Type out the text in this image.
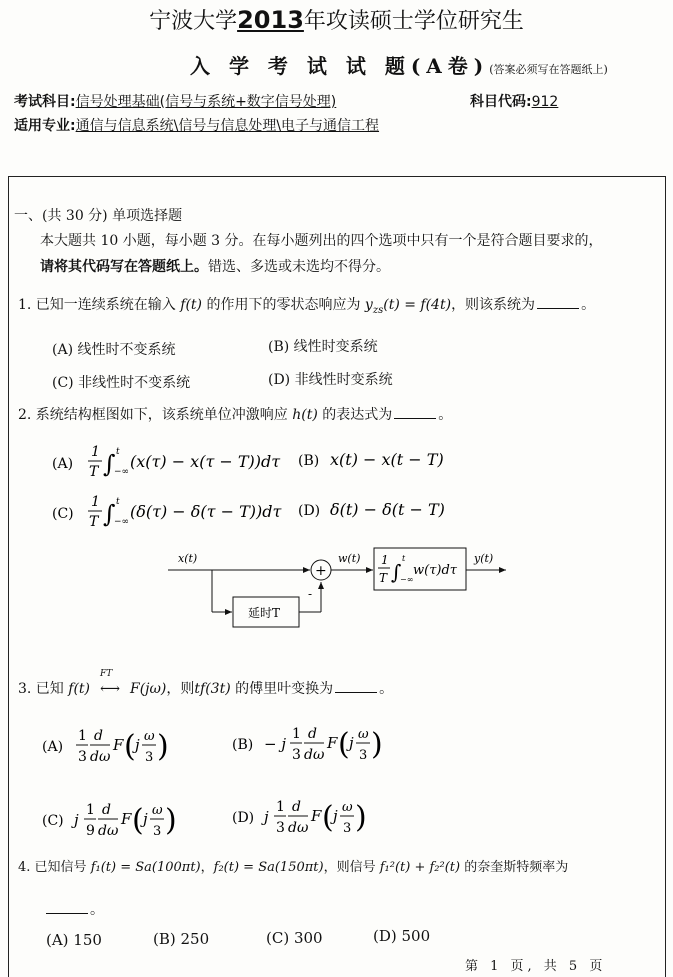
宁波大学2013年攻读硕士学位研究生
入 学 考 试 试 题(A卷)(答案必须写在答题纸上)
考试科目:信号处理基础(信号与系统+数字信号处理)	科目代码:912
适用专业:通信与信息系统\信号与信息处理\电子与通信工程
一、(共 30 分) 单项选择题
本大题共 10 小题，每小题 3 分。在每小题列出的四个选项中只有一个是符合题目要求的，
请将其代码写在答题纸上。错选、多选或未选均不得分。
1. 已知一连续系统在输入 f(t) 的作用下的零状态响应为 $y_{zs}(t) = f(4t)$，则该系统为	。
(A) 线性时不变系统	(B) 线性时变系统
(C) 非线性时不变系统	(D) 非线性时变系统
2. 系统结构框图如下，该系统单位冲激响应 h(t) 的表达式为	。
(A)
1
T ∫ t
−∞
(x(τ) − x(τ − T))dτ (B) x(t) − x(t − T)
(C)
1
T ∫ t
−∞
(δ(τ) − δ(τ − T))dτ (D) δ(t) − δ(t − T)
x(t)
+
延时T
-
w(t) 1
T ∫
t
−∞
w(τ)dτ
y(t)
3. 已知 f(t)
FT
⟷ F(jω)，则tf(3t) 的傅里叶变换为	。
(A)
1
3
d
dω
F ( j ω
3 )	(B) − j
1
3
d
dω
F ( j ω
3 )
(C) j
1
9
d
dω
F ( j ω
3 )	(D) j
1
3
d
dω
F ( j ω
3 )
4. 已知信号 f₁(t) = Sa(100πt)，f₂(t) = Sa(150πt)，则信号 f₁²(t) + f₂²(t) 的奈奎斯特频率为
。
(A) 150	(B) 250	(C) 300	(D) 500
第 1 页, 共 5 页
